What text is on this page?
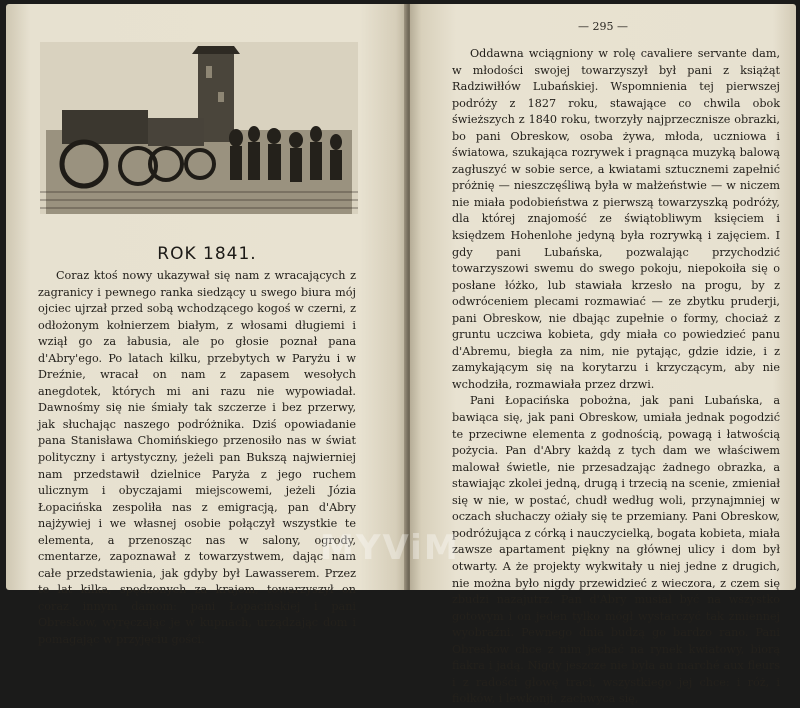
ROK 1841.

Coraz ktoś nowy ukazywał się nam z wracających z zagranicy i pewnego ranka siedzący u swego biura mój ojciec ujrzał przed sobą wchodzącego kogoś w czerni, z odłożonym kołnierzem białym, z włosami długiemi i wziął go za łabusia, ale po głosie poznał pana d'Abry'ego. Po latach kilku, przebytych w Paryżu i w Dreźnie, wracał on nam z zapasem wesołych anegdotek, których mi ani razu nie wypowiadał. Dawnośmy się nie śmiały tak szczerze i bez przerwy, jak słuchając naszego podróżnika. Dziś opowiadanie pana Stanisława Chomińskiego przenosiło nas w świat polityczny i artystyczny, jeżeli pan Bukszą najwierniej nam przedstawił dzielnice Paryża z jego ruchem ulicznym i obyczajami miejscowemi, jeżeli Józia Łopacińska zespoliła nas z emigracją, pan d'Abry najżywiej i we własnej osobie połączył wszystkie te elementa, a przenosząc nas w salony, ogrody, cmentarze, zapoznawał z towarzystwem, dając nam całe przedstawienia, jak gdyby był Lawasserem. Przez te lat kilka, spędzonych za krajem, towarzyszył on coraz innym damom: pani Łopacińskiej i pani Obreskow, wyręczając je w kupnach, urządzając dom i pomagając w przyjęciu gości.

— 295 —

Oddawna wciągniony w rolę cavaliere servante dam, w młodości swojej towarzyszył był pani z książąt Radziwiłłów Lubańskiej. Wspomnienia tej pierwszej podróży z 1827 roku, stawające co chwila obok świeższych z 1840 roku, tworzyły najprzecznisze obrazki, bo pani Obreskow, osoba żywa, młoda, uczniowa i światowa, szukająca rozrywek i pragnąca muzyką balową zagłuszyć w sobie serce, a kwiatami sztucznemi zapełnić próżnię — nieszczęśliwą była w małżeństwie — w niczem nie miała podobieństwa z pierwszą towarzyszką podróży, dla której znajomość ze świątobliwym księciem i księdzem Hohenlohe jedyną była rozrywką i zajęciem. I gdy pani Lubańska, pozwalając przychodzić towarzyszowi swemu do swego pokoju, niepokoiła się o posłane łóżko, lub stawiała krzesło na progu, by z odwróceniem plecami rozmawiać — ze zbytku pruderji, pani Obreskow, nie dbając zupełnie o formy, chociaż z gruntu uczciwa kobieta, gdy miała co powiedzieć panu d'Abremu, biegła za nim, nie pytając, gdzie idzie, i z zamykającym się na korytarzu i krzyczącym, aby nie wchodziła, rozmawiała przez drzwi.

Pani Łopacińska pobożna, jak pani Lubańska, a bawiąca się, jak pani Obreskow, umiała jednak pogodzić te przeciwne elementa z godnością, powagą i łatwością pożycia. Pan d'Abry każdą z tych dam we właściwem malował świetle, nie przesadzając żadnego obrazka, a stawiając zkolei jedną, drugą i trzecią na scenie, zmieniał się w nie, w postać, chudł według woli, przynajmniej w oczach słuchaczy ożiały się te przemiany. Pani Obreskow, podróżująca z córką i nauczycielką, bogata kobieta, miała zawsze apartament piękny na głównej ulicy i dom był otwarty. A że projekty wykwitały u niej jedne z drugich, nie można było nigdy przewidzieć z wieczora, z czem się zbudzi nazajutrz. Pan d'Abry musiał być na wszystko gotowym i on jeden tylko mógł wystarczyć tak zmiennej wyobraźni. Pewnego dnia budzą go bardzo rano. Pani Obreskow chce z nim jechać na rynek kwiatowy, biorą fiakra i jadą. Nigdy jeszcze nie była au marché aux fleurs i z radości głowę traci, wszystkiego jej chce: i róż, i fiołków, i lewkonji, zachwyca się,

MYViM
